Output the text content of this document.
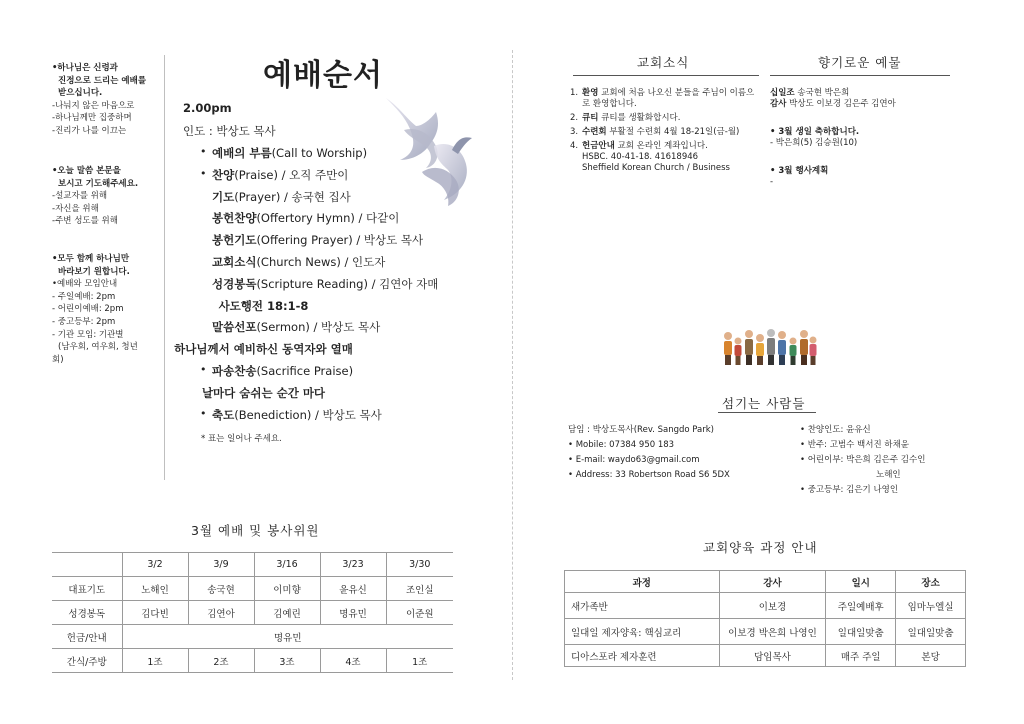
•하나님은 신령과
진정으로 드리는 예배를
받으십니다.
-나눠지 않은 마음으로
-하나님께만 집중하며
-진리가 나를 이끄는
•오늘 말씀 본문을
보시고 기도해주세요.
-설교자를 위해
-자신을 위해
-주변 성도를 위해
•모두 함께 하나님만
바라보기 원합니다.
•예배와 모임안내
- 주일예배: 2pm
- 어린이예배: 2pm
- 중고등부: 2pm
- 기관 모임: 기관별
(남우회, 여우회, 청년
회)
예배순서
2.00pm
인도 : 박상도 목사
• 예배의 부름(Call to Worship)
• 찬양(Praise) / 오직 주만이
기도(Prayer) / 송국현 집사
봉헌찬양(Offertory Hymn) / 다같이
봉헌기도(Offering Prayer) / 박상도 목사
교회소식(Church News) / 인도자
성경봉독(Scripture Reading) / 김연아 자매
사도행전 18:1-8
말씀선포(Sermon) / 박상도 목사
하나님께서 예비하신 동역자와 열매
• 파송찬송(Sacrifice Praise)
날마다 숨쉬는 순간 마다
• 축도(Benediction) / 박상도 목사
* 표는 일어나 주세요.
3월 예배 및 봉사위원
	3/2	3/9	3/16	3/23	3/30
대표기도	노해인	송국현	이미향	윤유신	조인실
성경봉독	김다빈	김연아	김예린	명유민	이준원
헌금/안내	명유민				
간식/주방	1조	2조	3조	4조	1조
교회소식
1. 환영 교회에 처음 나오신 분들을 주님이 이름으로 환영합니다.
2. 큐티 큐티를 생활화합시다.
3. 수련회 부활절 수련회 4월 18-21일(금-월)
4. 헌금안내 교회 온라인 계좌입니다.
HSBC. 40-41-18. 41618946
Sheffield Korean Church / Business
향기로운 예물
십일조 송국현 박은희
감사 박상도 이보경 김은주 김연아
• 3월 생일 축하합니다.
- 박은희(5) 김승원(10)
• 3월 행사계획
-
섬기는 사람들
담임 : 박상도목사(Rev. Sangdo Park)
• Mobile: 07384 950 183
• E-mail: waydo63@gmail.com
• Address: 33 Robertson Road S6 5DX
• 찬양인도: 윤유신
• 반주: 고범수 백서진 하채윤
• 어린이부: 박은희 김은주 김수인
노해인
• 중고등부: 김은기 나영인
교회양육 과정 안내
과정	강사	일시	장소
새가족반	이보경	주일예배후	임마누엘실
일대일 제자양육: 핵심교리	이보경 박은희 나영인	일대일맞춤	일대일맞춤
디아스포라 제자훈련	담임목사	매주 주일	본당
